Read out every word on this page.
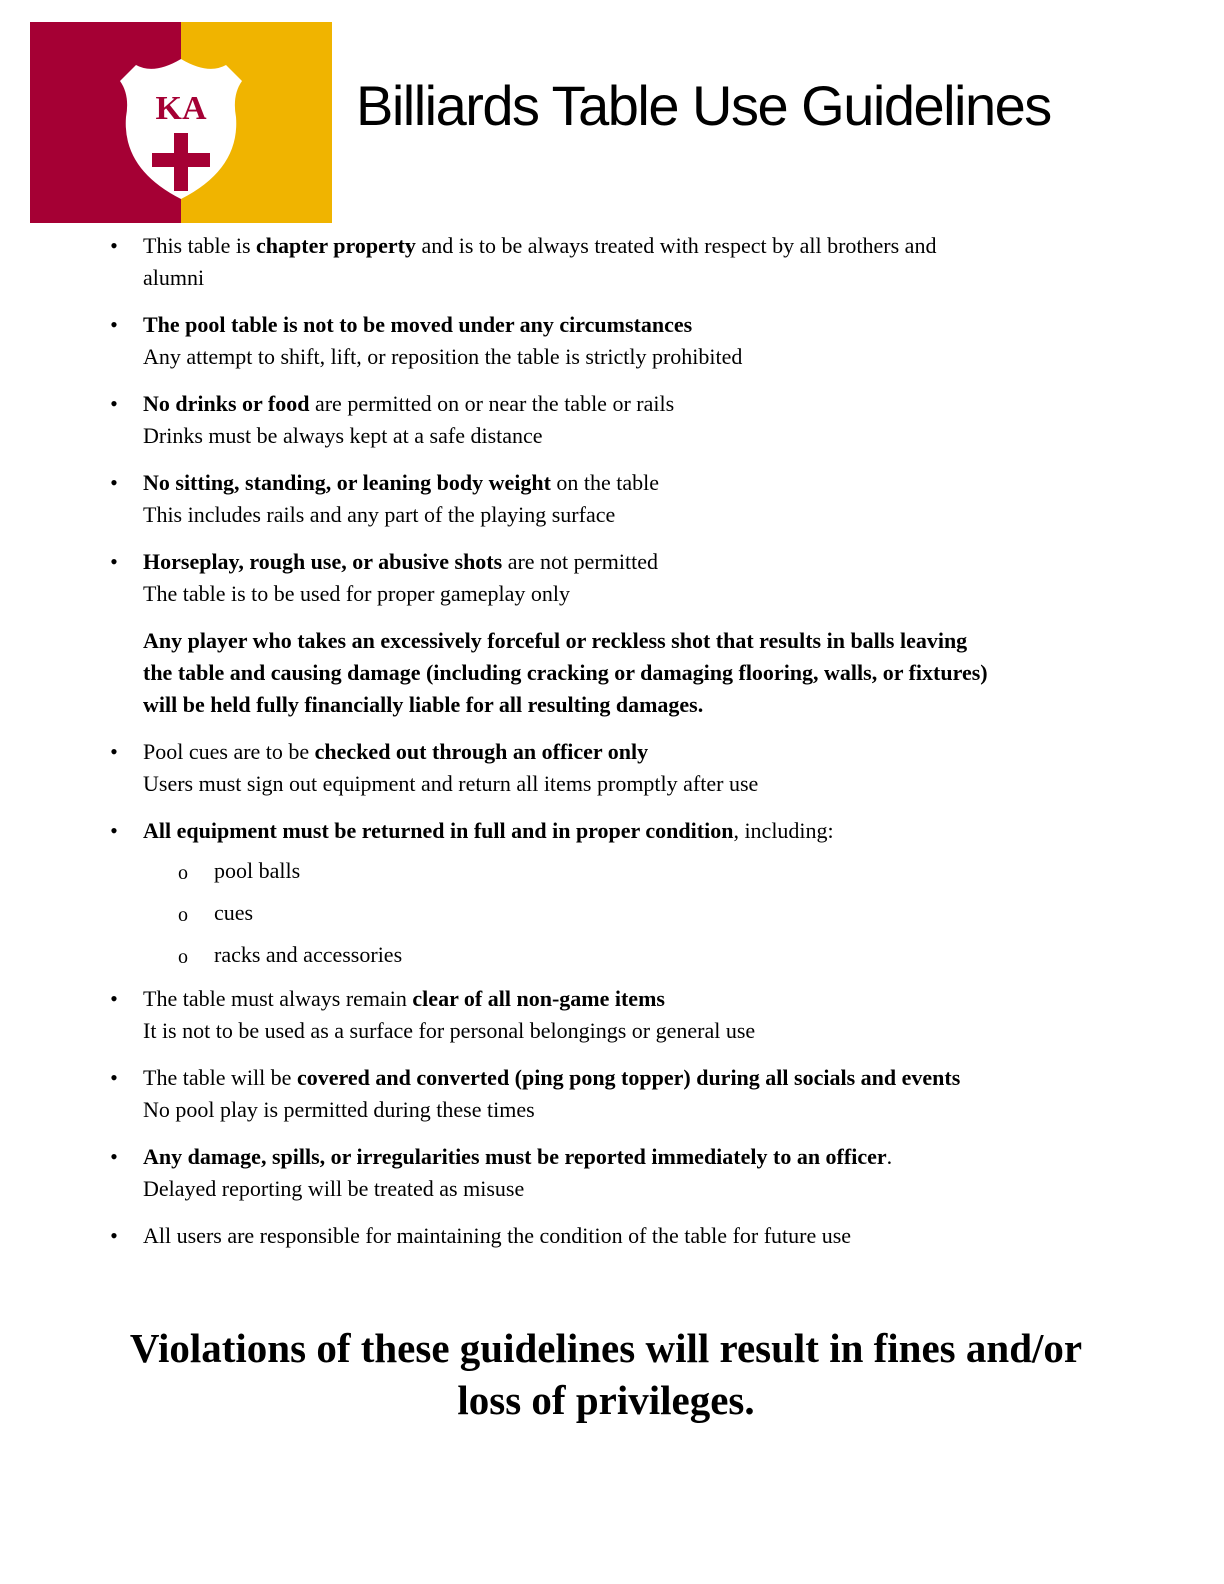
KA	Billiards Table Use Guidelines
• This table is chapter property and is to be always treated with respect by all brothers and
alumni
• The pool table is not to be moved under any circumstances
Any attempt to shift, lift, or reposition the table is strictly prohibited
• No drinks or food are permitted on or near the table or rails
Drinks must be always kept at a safe distance
• No sitting, standing, or leaning body weight on the table
This includes rails and any part of the playing surface
• Horseplay, rough use, or abusive shots are not permitted
The table is to be used for proper gameplay only
Any player who takes an excessively forceful or reckless shot that results in balls leaving
the table and causing damage (including cracking or damaging flooring, walls, or fixtures)
will be held fully financially liable for all resulting damages.
• Pool cues are to be checked out through an officer only
Users must sign out equipment and return all items promptly after use
• All equipment must be returned in full and in proper condition, including:
o pool balls
o cues
o racks and accessories
• The table must always remain clear of all non-game items
It is not to be used as a surface for personal belongings or general use
• The table will be covered and converted (ping pong topper) during all socials and events
No pool play is permitted during these times
• Any damage, spills, or irregularities must be reported immediately to an officer.
Delayed reporting will be treated as misuse
• All users are responsible for maintaining the condition of the table for future use
Violations of these guidelines will result in fines and/or
loss of privileges.
